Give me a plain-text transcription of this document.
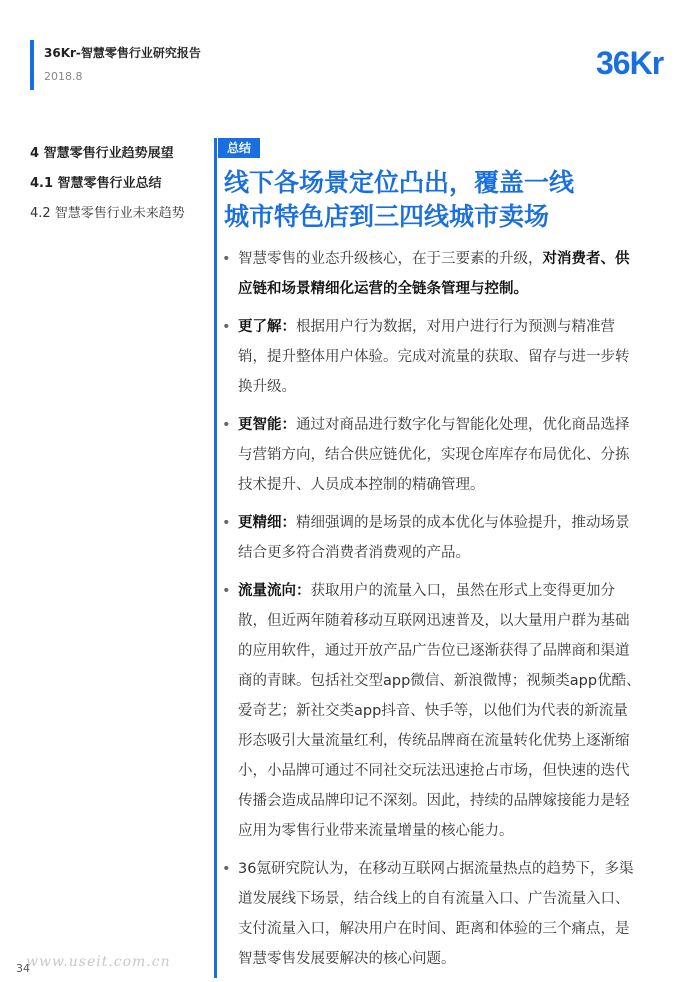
36Kr-智慧零售行业研究报告
2018.8	36Kr
4 智慧零售行业趋势展望
4.1 智慧零售行业总结
4.2 智慧零售行业未来趋势
总结
线下各场景定位凸出，覆盖一线
城市特色店到三四线城市卖场
• 智慧零售的业态升级核心，在于三要素的升级，对消费者、供应链和场景精细化运营的全链条管理与控制。
• 更了解：根据用户行为数据，对用户进行行为预测与精准营销，提升整体用户体验。完成对流量的获取、留存与进一步转换升级。
• 更智能：通过对商品进行数字化与智能化处理，优化商品选择与营销方向，结合供应链优化，实现仓库库存布局优化、分拣技术提升、人员成本控制的精确管理。
• 更精细：精细强调的是场景的成本优化与体验提升，推动场景结合更多符合消费者消费观的产品。
• 流量流向：获取用户的流量入口，虽然在形式上变得更加分散，但近两年随着移动互联网迅速普及，以大量用户群为基础的应用软件，通过开放产品广告位已逐渐获得了品牌商和渠道商的青睐。包括社交型app微信、新浪微博；视频类app优酷、爱奇艺；新社交类app抖音、快手等，以他们为代表的新流量形态吸引大量流量红利，传统品牌商在流量转化优势上逐渐缩小，小品牌可通过不同社交玩法迅速抢占市场，但快速的迭代传播会造成品牌印记不深刻。因此，持续的品牌嫁接能力是轻应用为零售行业带来流量增量的核心能力。
• 36氪研究院认为，在移动互联网占据流量热点的趋势下，多渠道发展线下场景，结合线上的自有流量入口、广告流量入口、支付流量入口，解决用户在时间、距离和体验的三个痛点，是智慧零售发展要解决的核心问题。
www.useit.com.cn
34
